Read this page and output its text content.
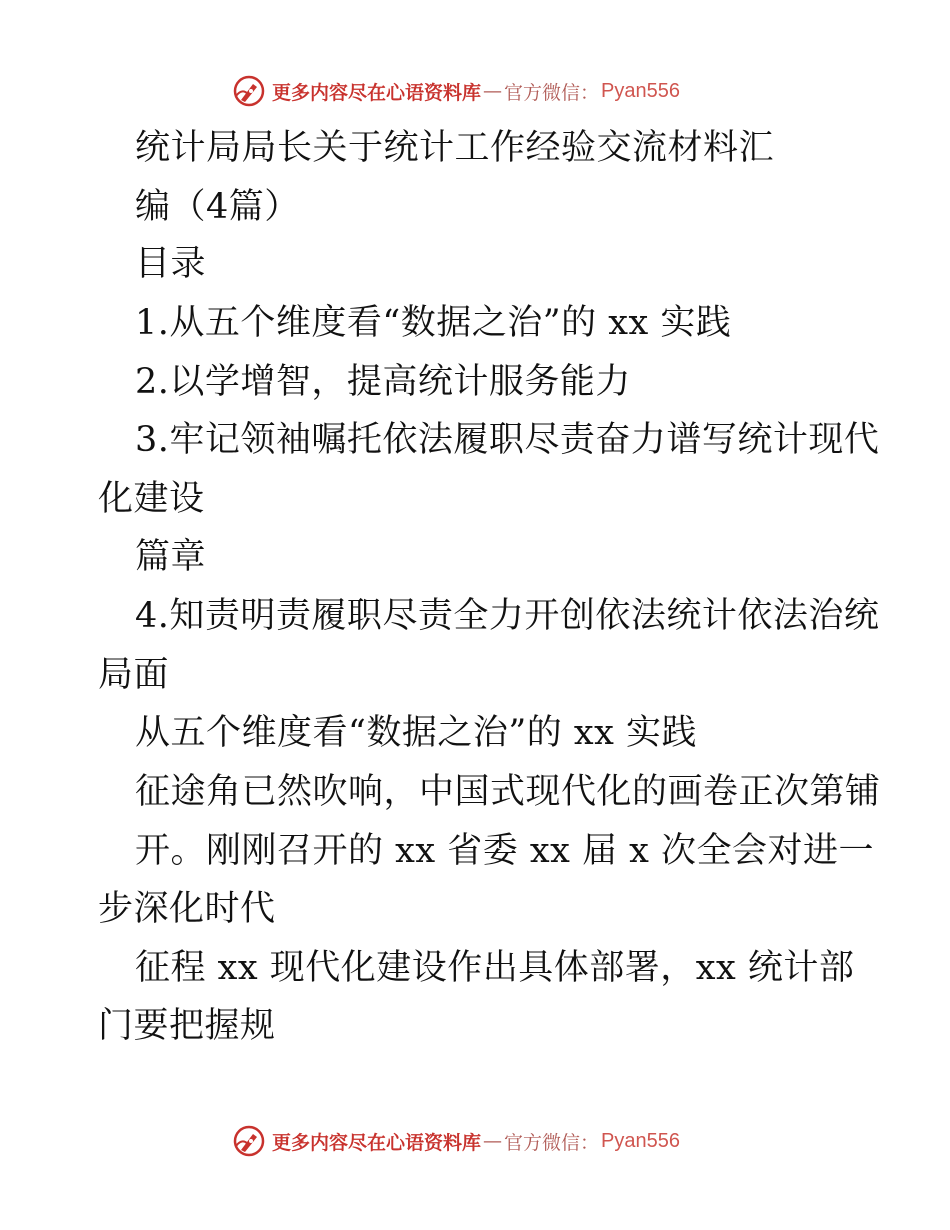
更多内容尽在心语资料库 — 官方微信： Pyan556
统计局局长关于统计工作经验交流材料汇
编（4篇）
目录
1.从五个维度看“数据之治”的 xx 实践
2.以学增智，提高统计服务能力
3.牢记领袖嘱托依法履职尽责奋力谱写统计现代
化建设
篇章
4.知责明责履职尽责全力开创依法统计依法治统
局面
从五个维度看“数据之治”的 xx 实践
征途角已然吹响，中国式现代化的画卷正次第铺
开。刚刚召开的 xx 省委 xx 届 x 次全会对进一
步深化时代
征程 xx 现代化建设作出具体部署，xx 统计部
门要把握规
更多内容尽在心语资料库 — 官方微信： Pyan556
